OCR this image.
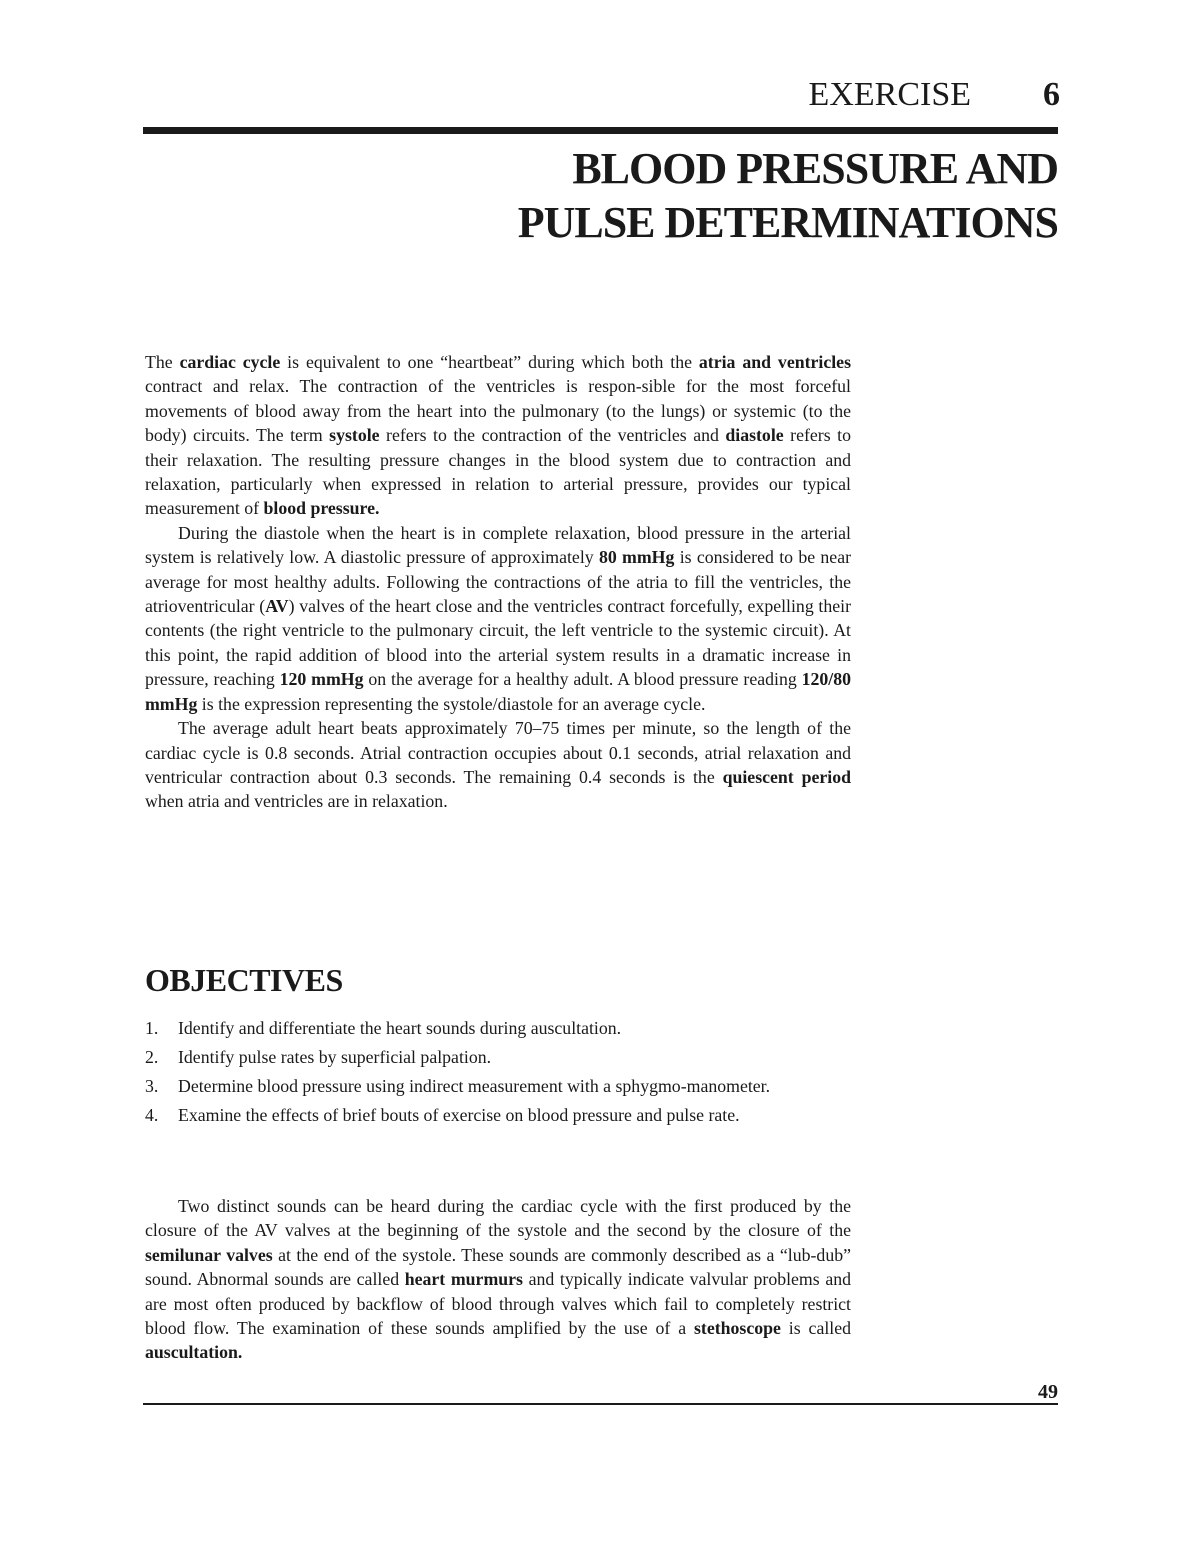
EXERCISE 6
BLOOD PRESSURE AND
PULSE DETERMINATIONS

The cardiac cycle is equivalent to one “heartbeat” during which both the atria and ventricles contract and relax. The contraction of the ventricles is respon-sible for the most forceful movements of blood away from the heart into the pulmonary (to the lungs) or systemic (to the body) circuits. The term systole refers to the contraction of the ventricles and diastole refers to their relaxation. The resulting pressure changes in the blood system due to contraction and relaxation, particularly when expressed in relation to arterial pressure, provides our typical measurement of blood pressure.

During the diastole when the heart is in complete relaxation, blood pressure in the arterial system is relatively low. A diastolic pressure of approximately 80 mmHg is considered to be near average for most healthy adults. Following the contractions of the atria to fill the ventricles, the atrioventricular (AV) valves of the heart close and the ventricles contract forcefully, expelling their contents (the right ventricle to the pulmonary circuit, the left ventricle to the systemic circuit). At this point, the rapid addition of blood into the arterial system results in a dramatic increase in pressure, reaching 120 mmHg on the average for a healthy adult. A blood pressure reading 120/80 mmHg is the expression representing the systole/diastole for an average cycle.

The average adult heart beats approximately 70–75 times per minute, so the length of the cardiac cycle is 0.8 seconds. Atrial contraction occupies about 0.1 seconds, atrial relaxation and ventricular contraction about 0.3 seconds. The remaining 0.4 seconds is the quiescent period when atria and ventricles are in relaxation.

OBJECTIVES
1. Identify and differentiate the heart sounds during auscultation.
2. Identify pulse rates by superficial palpation.
3. Determine blood pressure using indirect measurement with a sphygmo-manometer.
4. Examine the effects of brief bouts of exercise on blood pressure and pulse rate.

Two distinct sounds can be heard during the cardiac cycle with the first produced by the closure of the AV valves at the beginning of the systole and the second by the closure of the semilunar valves at the end of the systole. These sounds are commonly described as a “lub-dub” sound. Abnormal sounds are called heart murmurs and typically indicate valvular problems and are most often produced by backflow of blood through valves which fail to completely restrict blood flow. The examination of these sounds amplified by the use of a stethoscope is called auscultation.

49
